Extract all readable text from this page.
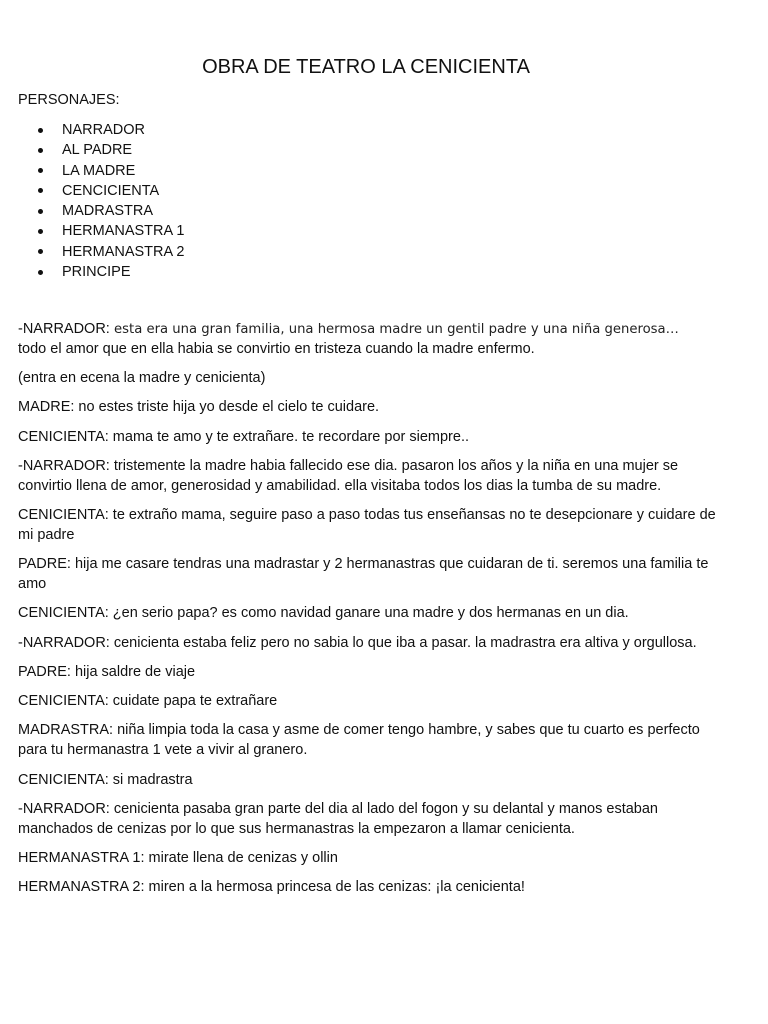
OBRA DE TEATRO LA CENICIENTA
PERSONAJES:
NARRADOR
AL PADRE
LA MADRE
CENCICIENTA
MADRASTRA
HERMANASTRA 1
HERMANASTRA 2
PRINCIPE

-NARRADOR: esta era una gran familia, una hermosa madre un gentil padre y una niña generosa…
todo el amor que en ella habia se convirtio en tristeza cuando la madre enfermo.

(entra en ecena la madre y cenicienta)

MADRE: no estes triste hija yo desde el cielo te cuidare.

CENICIENTA: mama te amo y te extrañare. te recordare por siempre..

-NARRADOR: tristemente la madre habia fallecido ese dia. pasaron los años y la niña en una mujer se convirtio llena de amor, generosidad y amabilidad. ella visitaba todos los dias la tumba de su madre.

CENICIENTA: te extraño mama, seguire paso a paso todas tus enseñansas no te desepcionare y cuidare de mi padre

PADRE: hija me casare tendras una madrastar y 2 hermanastras que cuidaran de ti. seremos una familia te amo

CENICIENTA: ¿en serio papa? es como navidad ganare una madre y dos hermanas en un dia.

-NARRADOR: cenicienta estaba feliz pero no sabia lo que iba a pasar. la madrastra era altiva y orgullosa.

PADRE: hija saldre de viaje

CENICIENTA: cuidate papa te extrañare

MADRASTRA: niña limpia toda la casa y asme de comer tengo hambre, y sabes que tu cuarto es perfecto para tu hermanastra 1 vete a vivir al granero.

CENICIENTA: si madrastra

-NARRADOR: cenicienta pasaba gran parte del dia al lado del fogon y su delantal y manos estaban manchados de cenizas por lo que sus hermanastras la empezaron a llamar cenicienta.

HERMANASTRA 1: mirate llena de cenizas y ollin

HERMANASTRA 2: miren a la hermosa princesa de las cenizas: ¡la cenicienta!
